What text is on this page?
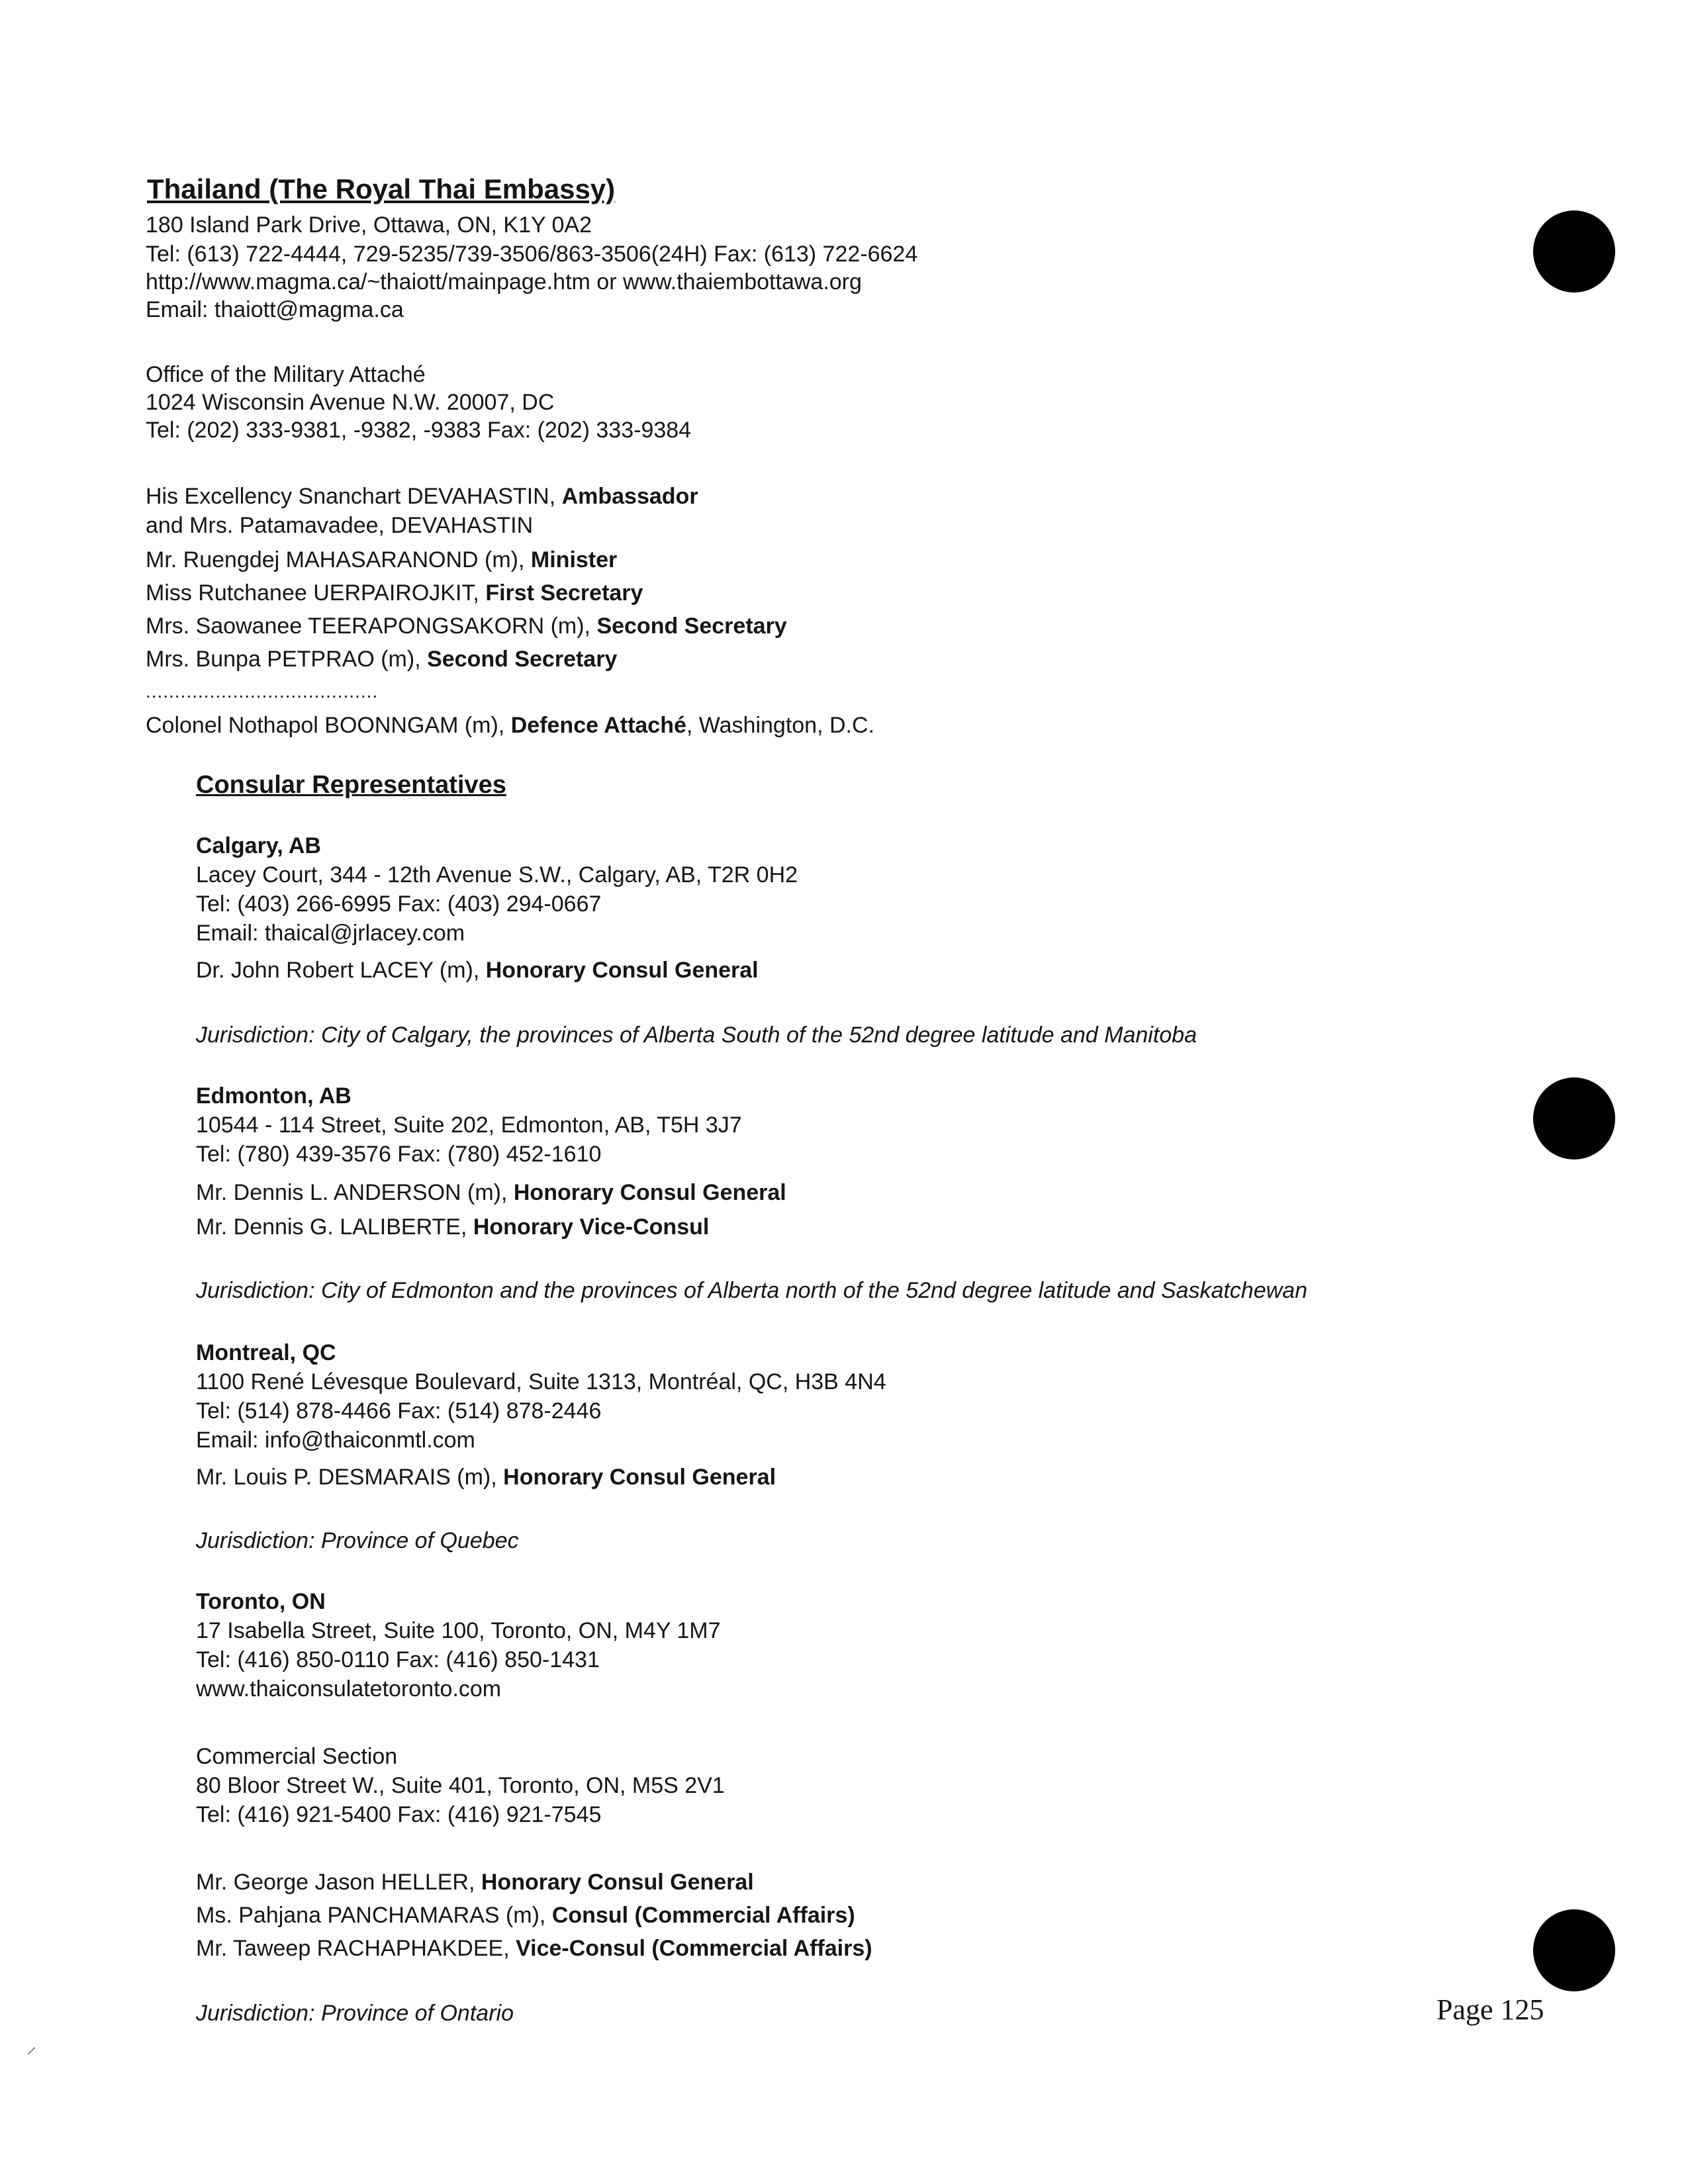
⸝
Thailand (The Royal Thai Embassy)
180 Island Park Drive, Ottawa, ON, K1Y 0A2
Tel: (613) 722-4444, 729-5235/739-3506/863-3506(24H) Fax: (613) 722-6624
http://www.magma.ca/~thaiott/mainpage.htm or www.thaiembottawa.org
Email: thaiott@magma.ca
Office of the Military Attaché
1024 Wisconsin Avenue N.W. 20007, DC
Tel: (202) 333-9381, -9382, -9383 Fax: (202) 333-9384
His Excellency Snanchart DEVAHASTIN, Ambassador
and Mrs. Patamavadee, DEVAHASTIN
Mr. Ruengdej MAHASARANOND (m), Minister
Miss Rutchanee UERPAIROJKIT, First Secretary
Mrs. Saowanee TEERAPONGSAKORN (m), Second Secretary
Mrs. Bunpa PETPRAO (m), Second Secretary
........................................
Colonel Nothapol BOONNGAM (m), Defence Attaché, Washington, D.C.
Consular Representatives
Calgary, AB
Lacey Court, 344 - 12th Avenue S.W., Calgary, AB, T2R 0H2
Tel: (403) 266-6995 Fax: (403) 294-0667
Email: thaical@jrlacey.com
Dr. John Robert LACEY (m), Honorary Consul General
Jurisdiction: City of Calgary, the provinces of Alberta South of the 52nd degree latitude and Manitoba
Edmonton, AB
10544 - 114 Street, Suite 202, Edmonton, AB, T5H 3J7
Tel: (780) 439-3576 Fax: (780) 452-1610
Mr. Dennis L. ANDERSON (m), Honorary Consul General
Mr. Dennis G. LALIBERTE, Honorary Vice-Consul
Jurisdiction: City of Edmonton and the provinces of Alberta north of the 52nd degree latitude and Saskatchewan
Montreal, QC
1100 René Lévesque Boulevard, Suite 1313, Montréal, QC, H3B 4N4
Tel: (514) 878-4466 Fax: (514) 878-2446
Email: info@thaiconmtl.com
Mr. Louis P. DESMARAIS (m), Honorary Consul General
Jurisdiction: Province of Quebec
Toronto, ON
17 Isabella Street, Suite 100, Toronto, ON, M4Y 1M7
Tel: (416) 850-0110 Fax: (416) 850-1431
www.thaiconsulatetoronto.com
Commercial Section
80 Bloor Street W., Suite 401, Toronto, ON, M5S 2V1
Tel: (416) 921-5400 Fax: (416) 921-7545
Mr. George Jason HELLER, Honorary Consul General
Ms. Pahjana PANCHAMARAS (m), Consul (Commercial Affairs)
Mr. Taweep RACHAPHAKDEE, Vice-Consul (Commercial Affairs)
Jurisdiction: Province of Ontario	Page 125
